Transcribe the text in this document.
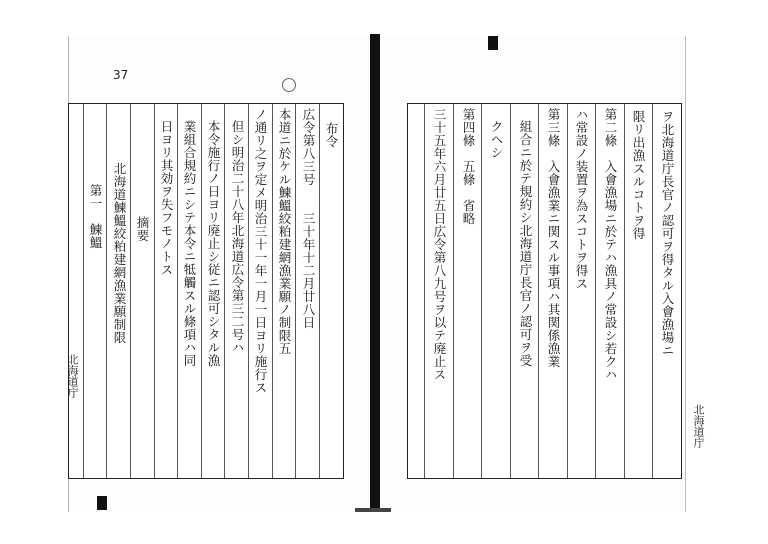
37
布令
広令第八三号　　三十年十二月廿八日
本道ニ於ケル鰊鰮絞粕建網漁業願ノ制限五
ノ通リ之ヲ定メ明治三十一年一月一日ヨリ施行ス
但シ明治二十八年北海道広令第三二号ハ
本令施行ノ日ヨリ廃止シ従ニ認可シタル漁
業組合規約ニシテ本令ニ牴觸スル條項ハ同
日ヨリ其効ヲ失フモノトス
摘要
北海道鰊鰮絞粕建網漁業願制限
第一　鰊鰮	ヲ北海道庁長官ノ認可ヲ得タル入會漁場ニ
限リ出漁スルコトヲ得
第二條　入會漁場ニ於テハ漁具ノ常設シ若クハ
ハ常設ノ装置ヲ為スコトヲ得ス
第三條　入會漁業ニ関スル事項ハ其関係漁業
組合ニ於テ規約シ北海道庁長官ノ認可ヲ受
クヘシ
第四條　五條　省略
三十五年六月廿五日広令第八九号ヲ以テ廃止ス
北海道庁
北海道庁
